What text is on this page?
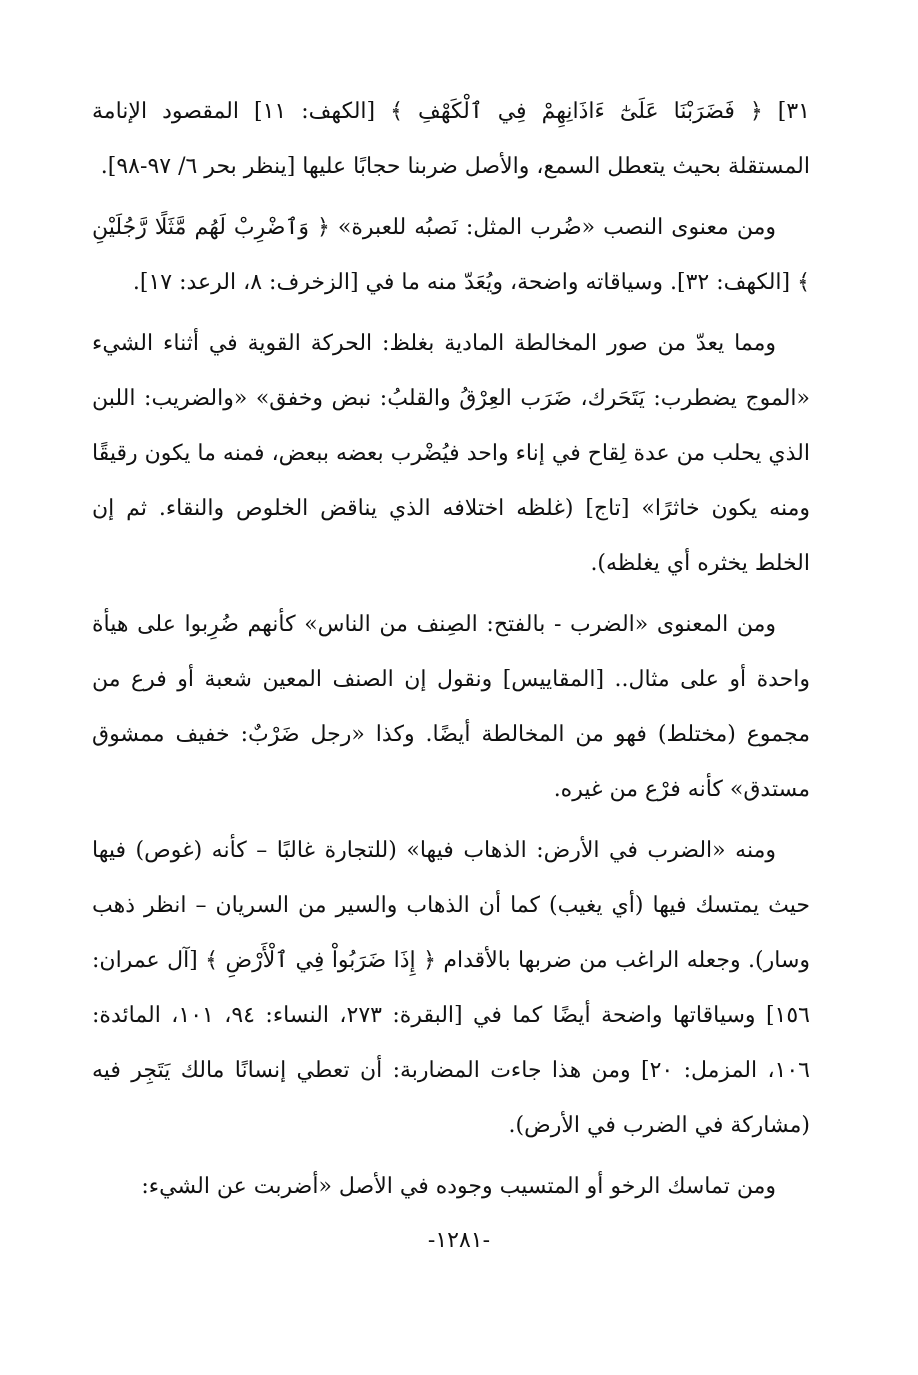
٣١] ﴿ فَضَرَبْنَا عَلَىٰٓ ءَاذَانِهِمْ فِي ٱلْكَهْفِ ﴾ [الكهف: ١١] المقصود الإنامة المستقلة بحيث يتعطل السمع، والأصل ضربنا حجابًا عليها [ينظر بحر ٦/ ٩٧-٩٨].

ومن معنوى النصب «ضُرب المثل: نَصبُه للعبرة» ﴿ وَٱضْرِبْ لَهُم مَّثَلًا رَّجُلَيْنِ ﴾ [الكهف: ٣٢]. وسياقاته واضحة، ويُعَدّ منه ما في [الزخرف: ٨، الرعد: ١٧].

ومما يعدّ من صور المخالطة المادية بغلظ: الحركة القوية في أثناء الشيء «الموج يضطرب: يَتَحَرك، ضَرَب العِرْقُ والقلبُ: نبض وخفق» «والضريب: اللبن الذي يحلب من عدة لِقاح في إناء واحد فيُضْرب بعضه ببعض، فمنه ما يكون رقيقًا ومنه يكون خاثرًا» [تاج] (غلظه اختلافه الذي يناقض الخلوص والنقاء. ثم إن الخلط يخثره أي يغلظه).

ومن المعنوى «الضرب - بالفتح: الصِنف من الناس» كأنهم ضُرِبوا على هيأة واحدة أو على مثال.. [المقاييس] ونقول إن الصنف المعين شعبة أو فرع من مجموع (مختلط) فهو من المخالطة أيضًا. وكذا «رجل ضَرْبٌ: خفيف ممشوق مستدق» كأنه فرْع من غيره.

ومنه «الضرب في الأرض: الذهاب فيها» (للتجارة غالبًا – كأنه (غوص) فيها حيث يمتسك فيها (أي يغيب) كما أن الذهاب والسير من السريان – انظر ذهب وسار). وجعله الراغب من ضربها بالأقدام ﴿ إِذَا ضَرَبُواْ فِي ٱلْأَرْضِ ﴾ [آل عمران: ١٥٦] وسياقاتها واضحة أيضًا كما في [البقرة: ٢٧٣، النساء: ٩٤، ١٠١، المائدة: ١٠٦، المزمل: ٢٠] ومن هذا جاءت المضاربة: أن تعطي إنسانًا مالك يَتَجِر فيه (مشاركة في الضرب في الأرض).

ومن تماسك الرخو أو المتسيب وجوده في الأصل «أضربت عن الشيء:

-١٢٨١-
